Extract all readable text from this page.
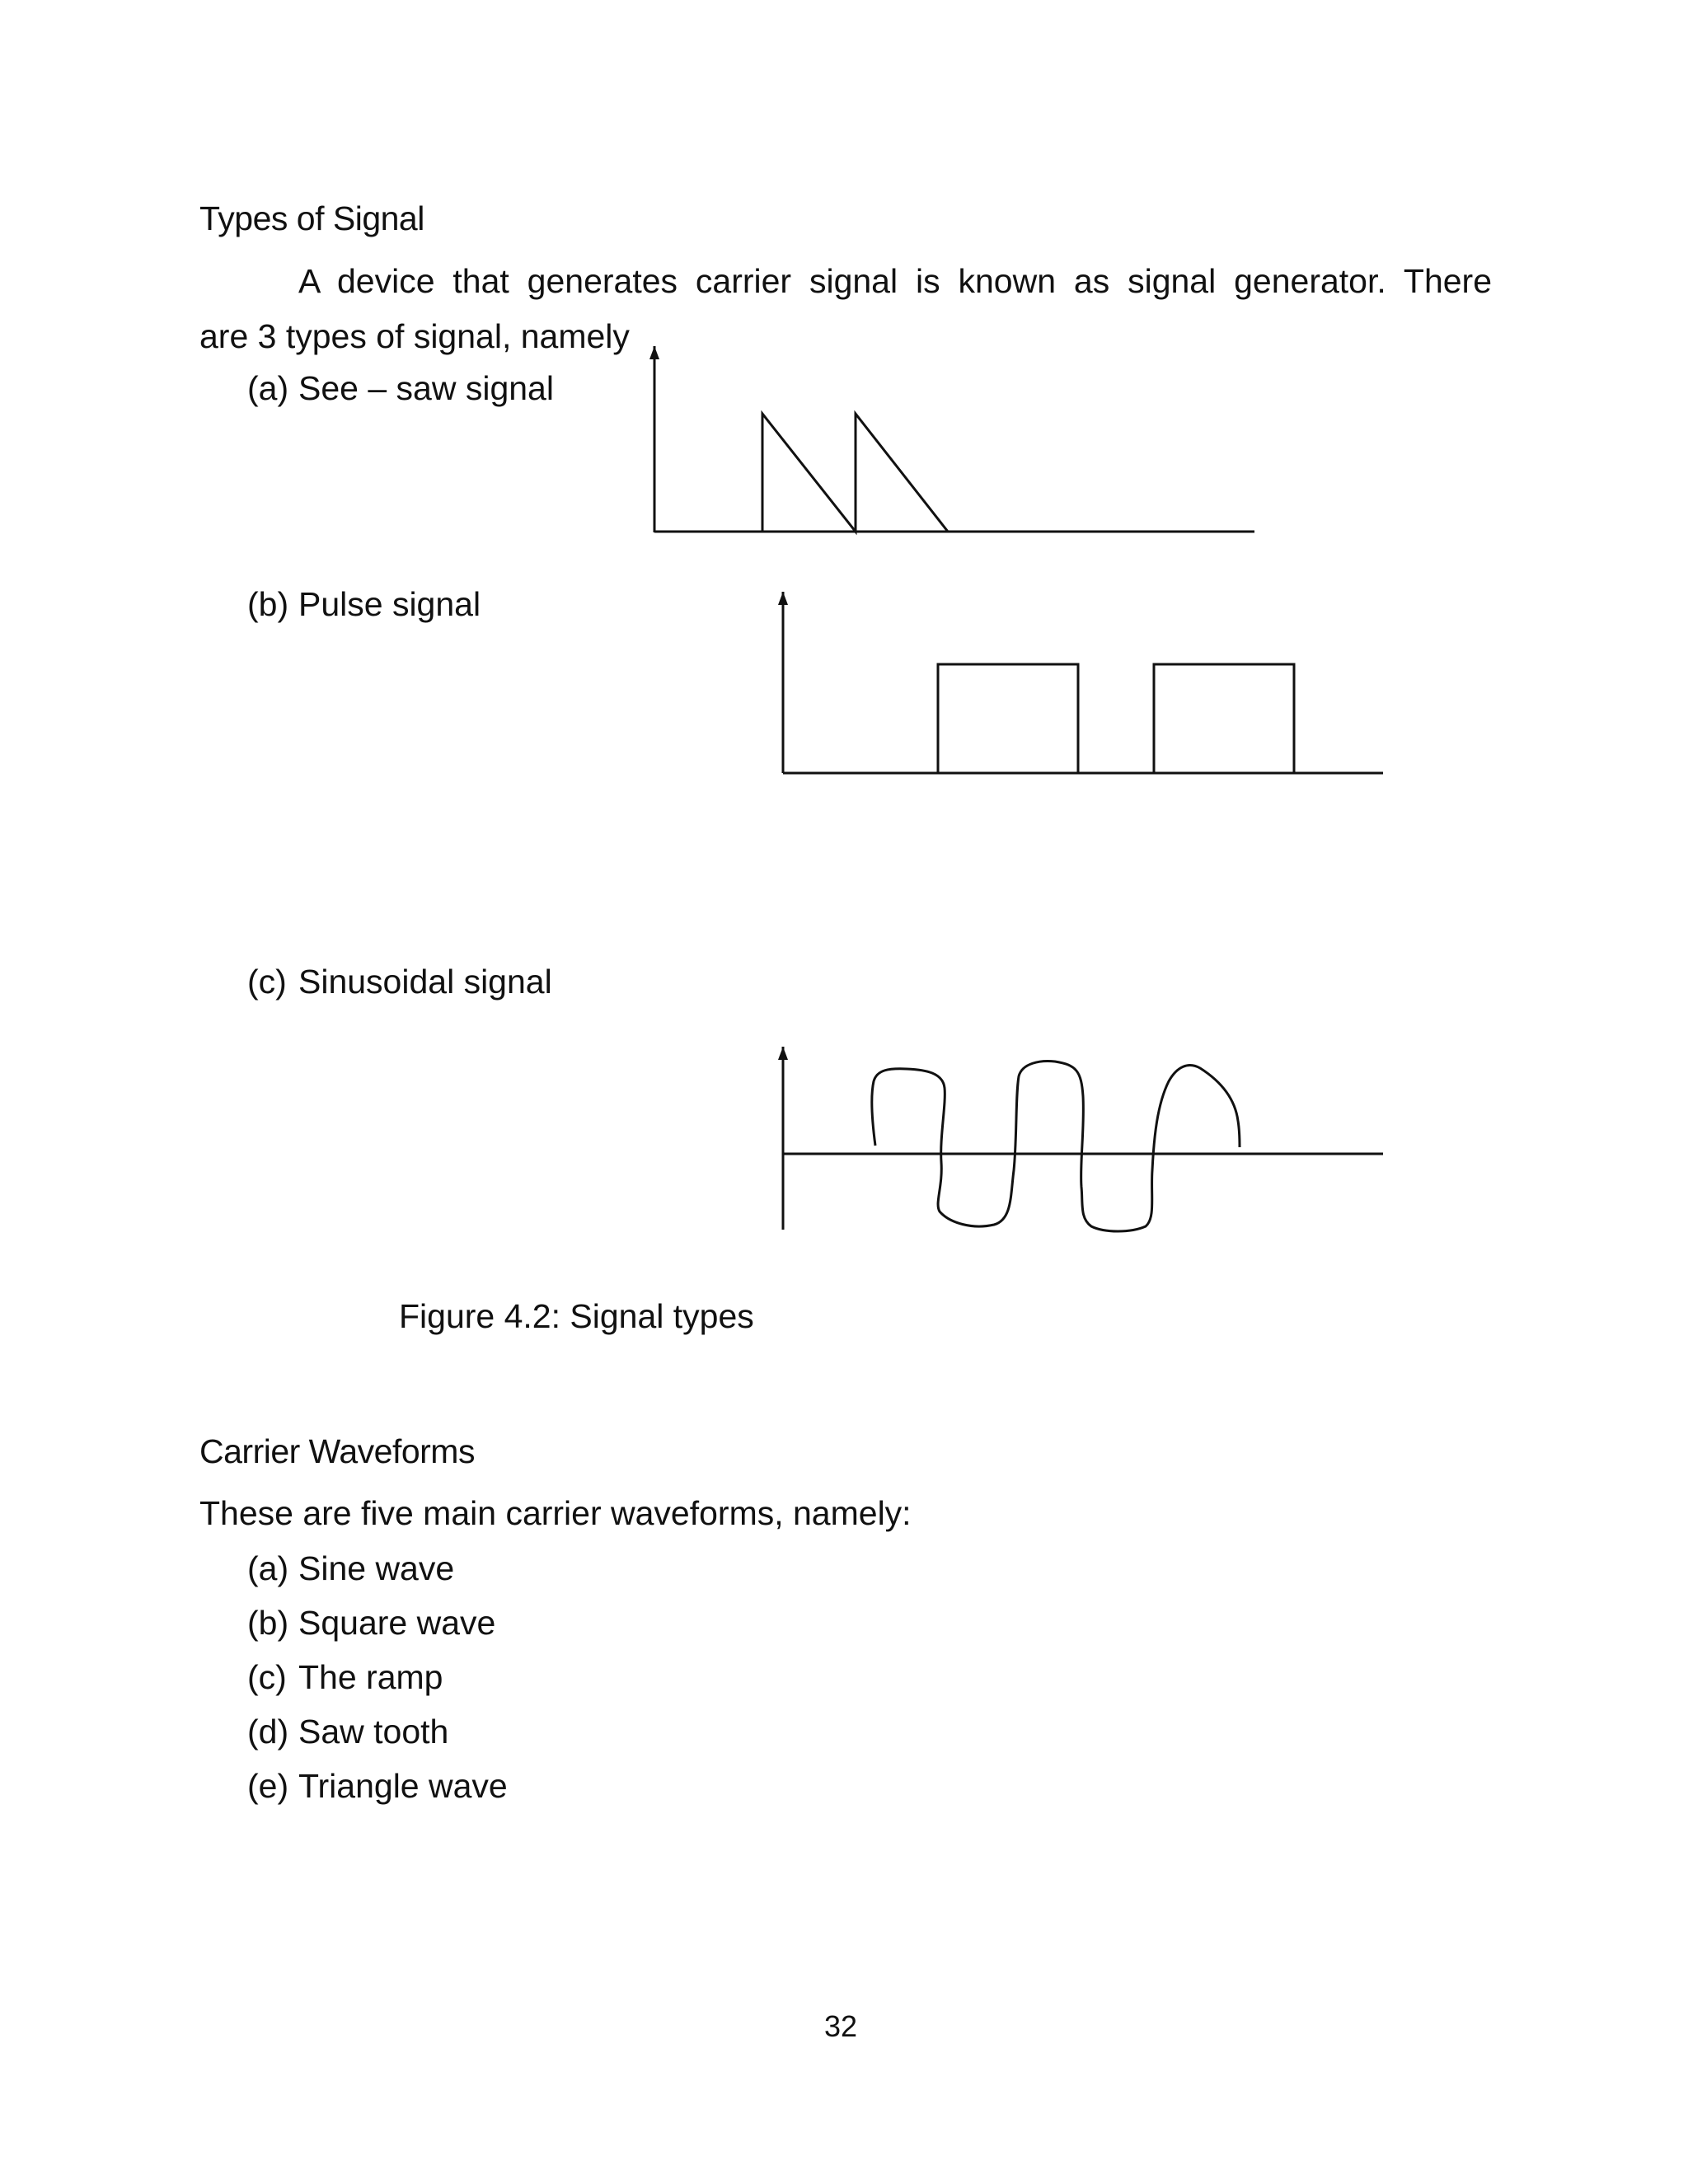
Types of Signal
A device that generates carrier signal is known as signal generator. There
are 3 types of signal, namely
(a) See – saw signal
(b) Pulse signal
(c) Sinusoidal signal
Figure 4.2: Signal types
Carrier Waveforms
These are five main carrier waveforms, namely:
(a) Sine wave
(b) Square wave
(c) The ramp
(d) Saw tooth
(e) Triangle wave
32
